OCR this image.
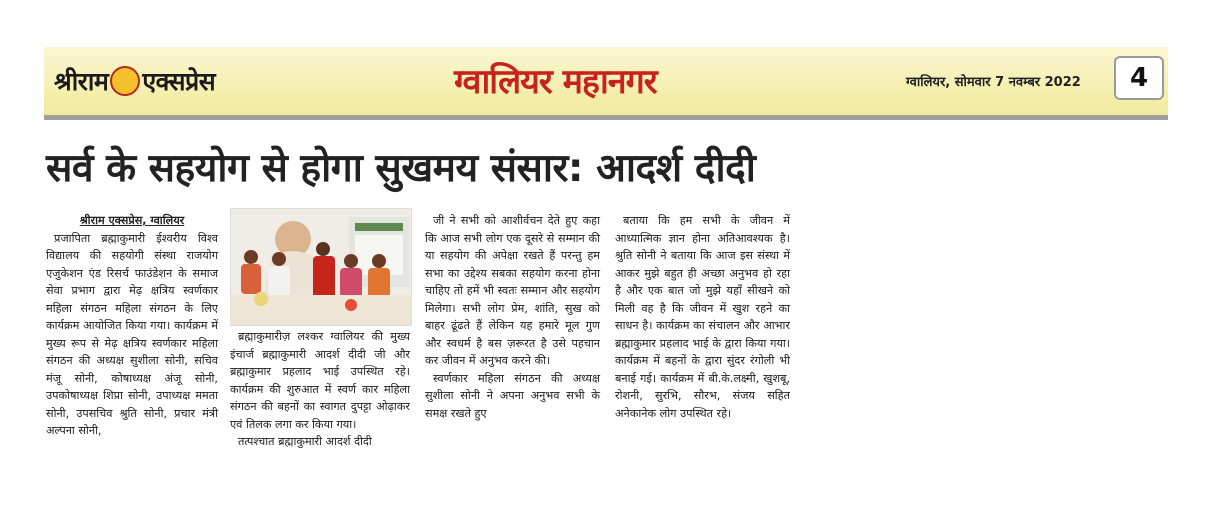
श्रीराम एक्सप्रेस	ग्वालियर महानगर	ग्वालियर, सोमवार 7 नवम्बर 2022	4
सर्व के सहयोग से होगा सुखमय संसार: आदर्श दीदी

श्रीराम एक्सप्रेस, ग्वालियर

प्रजापिता ब्रह्माकुमारी ईश्वरीय विश्व विद्यालय की सहयोगी संस्था राजयोग एजुकेशन एंड रिसर्च फाउंडेशन के समाज सेवा प्रभाग द्वारा मेढ़ क्षत्रिय स्वर्णकार महिला संगठन महिला संगठन के लिए कार्यक्रम आयोजित किया गया। कार्यक्रम में मुख्य रूप से मेढ़ क्षत्रिय स्वर्णकार महिला संगठन की अध्यक्ष सुशीला सोनी, सचिव मंजू सोनी, कोषाध्यक्ष अंजू सोनी, उपकोषाध्यक्ष शिप्रा सोनी, उपाध्यक्ष ममता सोनी, उपसचिव श्रुति सोनी, प्रचार मंत्री अल्पना सोनी,

ब्रह्माकुमारीज़ लश्कर ग्वालियर की मुख्य इंचार्ज ब्रह्माकुमारी आदर्श दीदी जी और ब्रह्माकुमार प्रहलाद भाई उपस्थित रहे। कार्यक्रम की शुरुआत में स्वर्ण कार महिला संगठन की बहनों का स्वागत दुपट्टा ओढ़ाकर एवं तिलक लगा कर किया गया।

तत्पश्चात ब्रह्माकुमारी आदर्श दीदी

जी ने सभी को आशीर्वचन देते हुए कहा कि आज सभी लोग एक दूसरे से सम्मान की या सहयोग की अपेक्षा रखते हैं परन्तु हम सभा का उद्देश्य सबका सहयोग करना होना चाहिए तो हमें भी स्वतः सम्मान और सहयोग मिलेगा। सभी लोग प्रेम, शांति, सुख को बाहर ढूंढते हैं लेकिन यह हमारे मूल गुण और स्वधर्म है बस ज़रूरत है उसे पहचान कर जीवन में अनुभव करने की।

स्वर्णकार महिला संगठन की अध्यक्ष सुशीला सोनी ने अपना अनुभव सभी के समक्ष रखते हुए

बताया कि हम सभी के जीवन में आध्यात्मिक ज्ञान होना अतिआवश्यक है। श्रुति सोनी ने बताया कि आज इस संस्था में आकर मुझे बहुत ही अच्छा अनुभव हो रहा है और एक बात जो मुझे यहाँ सीखने को मिली वह है कि जीवन में खुश रहने का साधन है। कार्यक्रम का संचालन और आभार ब्रह्माकुमार प्रहलाद भाई के द्वारा किया गया। कार्यक्रम में बहनों के द्वारा सुंदर रंगोली भी बनाई गई। कार्यक्रम में बी.के.लक्ष्मी, खुशबू, रोशनी, सुरभि, सौरभ, संजय सहित अनेकानेक लोग उपस्थित रहे।
